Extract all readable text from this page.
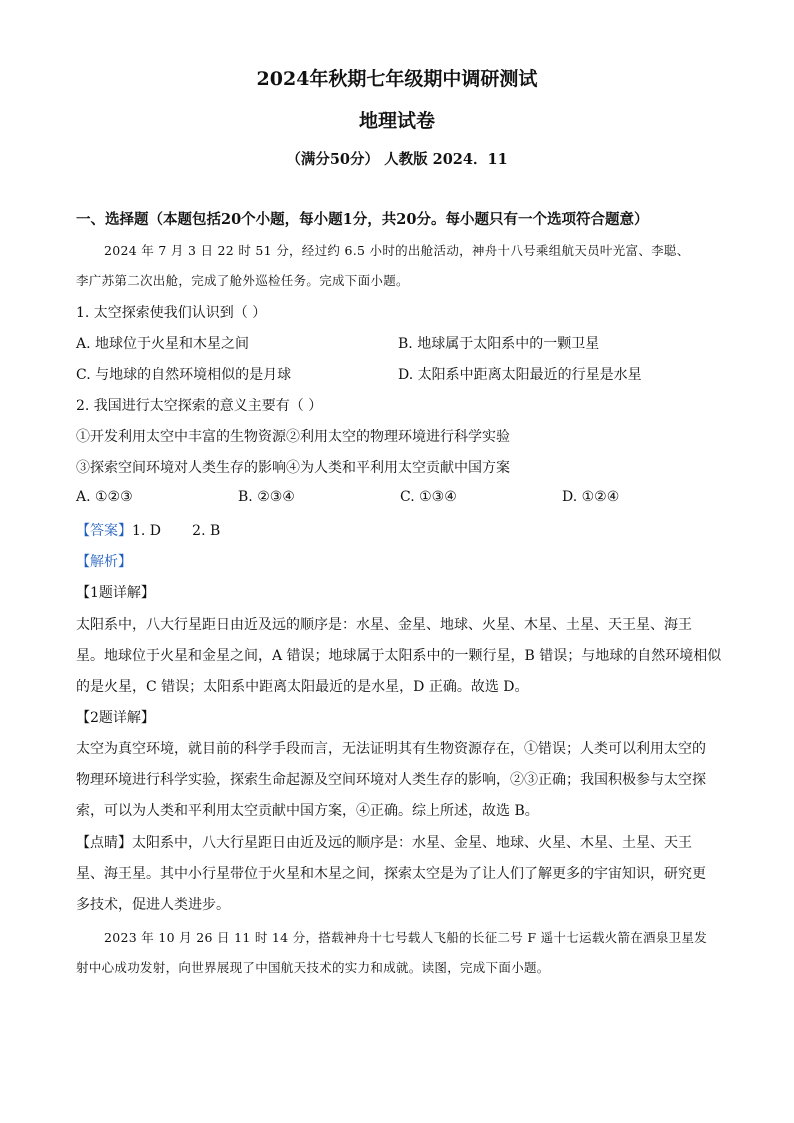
2024年秋期七年级期中调研测试
地理试卷
（满分50分） 人教版 2024．11
一、选择题（本题包括20个小题，每小题1分，共20分。每小题只有一个选项符合题意）
2024 年 7 月 3 日 22 时 51 分，经过约 6.5 小时的出舱活动，神舟十八号乘组航天员叶光富、李聪、
李广苏第二次出舱，完成了舱外巡检任务。完成下面小题。
1. 太空探索使我们认识到（ ）
A. 地球位于火星和木星之间	B. 地球属于太阳系中的一颗卫星
C. 与地球的自然环境相似的是月球	D. 太阳系中距离太阳最近的行星是水星
2. 我国进行太空探索的意义主要有（ ）
①开发利用太空中丰富的生物资源②利用太空的物理环境进行科学实验
③探索空间环境对人类生存的影响④为人类和平利用太空贡献中国方案
A. ①②③	B. ②③④	C. ①③④	D. ①②④
【答案】1. D       2. B
【解析】
【1题详解】
太阳系中，八大行星距日由近及远的顺序是：水星、金星、地球、火星、木星、土星、天王星、海王
星。地球位于火星和金星之间，A 错误；地球属于太阳系中的一颗行星，B 错误；与地球的自然环境相似
的是火星，C 错误；太阳系中距离太阳最近的是水星，D 正确。故选 D。
【2题详解】
太空为真空环境，就目前的科学手段而言，无法证明其有生物资源存在，①错误；人类可以利用太空的
物理环境进行科学实验，探索生命起源及空间环境对人类生存的影响，②③正确；我国积极参与太空探
索，可以为人类和平利用太空贡献中国方案，④正确。综上所述，故选 B。
【点睛】太阳系中，八大行星距日由近及远的顺序是：水星、金星、地球、火星、木星、土星、天王
星、海王星。其中小行星带位于火星和木星之间，探索太空是为了让人们了解更多的宇宙知识，研究更
多技术，促进人类进步。
2023 年 10 月 26 日 11 时 14 分，搭载神舟十七号载人飞船的长征二号 F 遥十七运载火箭在酒泉卫星发
射中心成功发射，向世界展现了中国航天技术的实力和成就。读图，完成下面小题。
